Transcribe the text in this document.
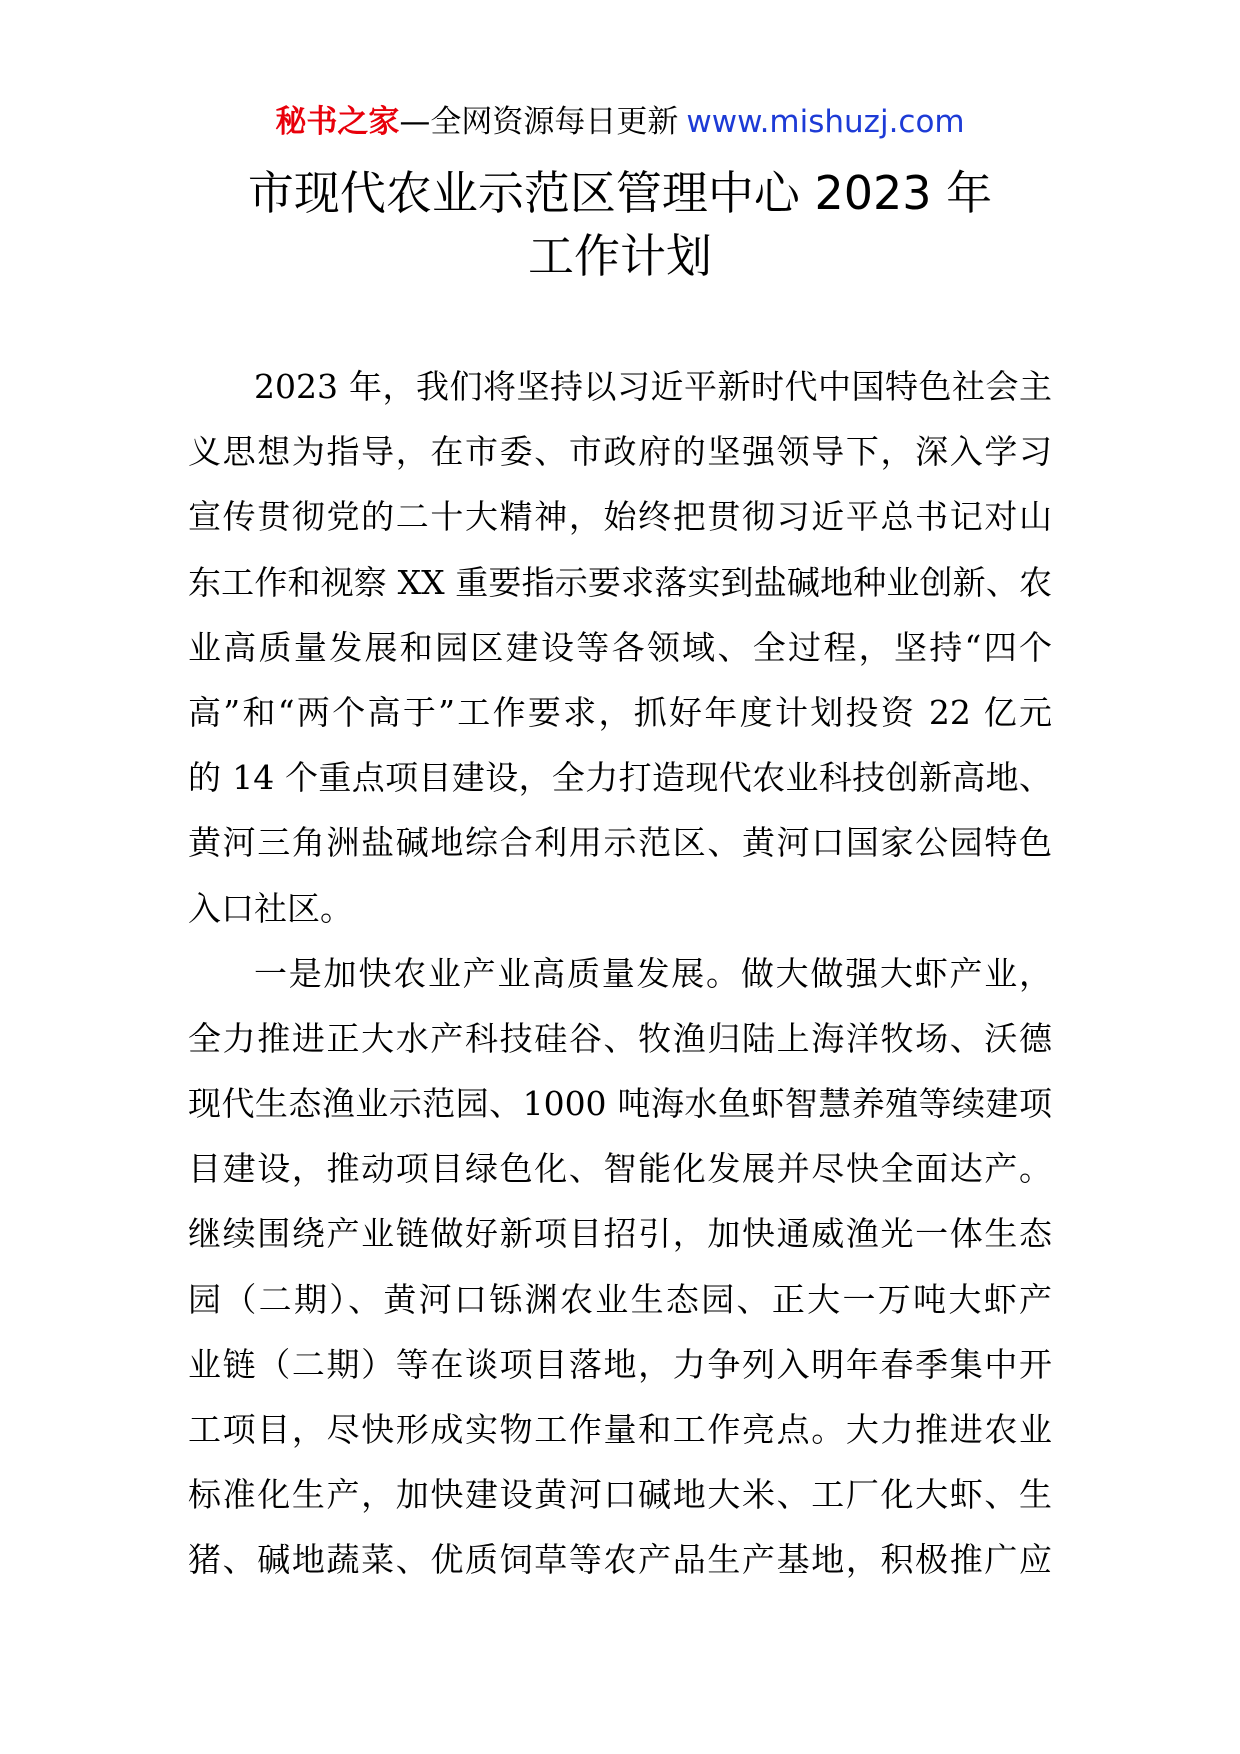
秘书之家—全网资源每日更新 www.mishuzj.com
市现代农业示范区管理中心 2023 年
工作计划
2023 年，我们将坚持以习近平新时代中国特色社会主
义思想为指导，在市委、市政府的坚强领导下，深入学习
宣传贯彻党的二十大精神，始终把贯彻习近平总书记对山
东工作和视察 XX 重要指示要求落实到盐碱地种业创新、农
业高质量发展和园区建设等各领域、全过程，坚持“四个
高”和“两个高于”工作要求，抓好年度计划投资 22 亿元
的 14 个重点项目建设，全力打造现代农业科技创新高地、
黄河三角洲盐碱地综合利用示范区、黄河口国家公园特色
入口社区。
一是加快农业产业高质量发展。做大做强大虾产业，
全力推进正大水产科技硅谷、牧渔归陆上海洋牧场、沃德
现代生态渔业示范园、1000 吨海水鱼虾智慧养殖等续建项
目建设，推动项目绿色化、智能化发展并尽快全面达产。
继续围绕产业链做好新项目招引，加快通威渔光一体生态
园（二期）、黄河口铄渊农业生态园、正大一万吨大虾产
业链（二期）等在谈项目落地，力争列入明年春季集中开
工项目，尽快形成实物工作量和工作亮点。大力推进农业
标准化生产，加快建设黄河口碱地大米、工厂化大虾、生
猪、碱地蔬菜、优质饲草等农产品生产基地，积极推广应
